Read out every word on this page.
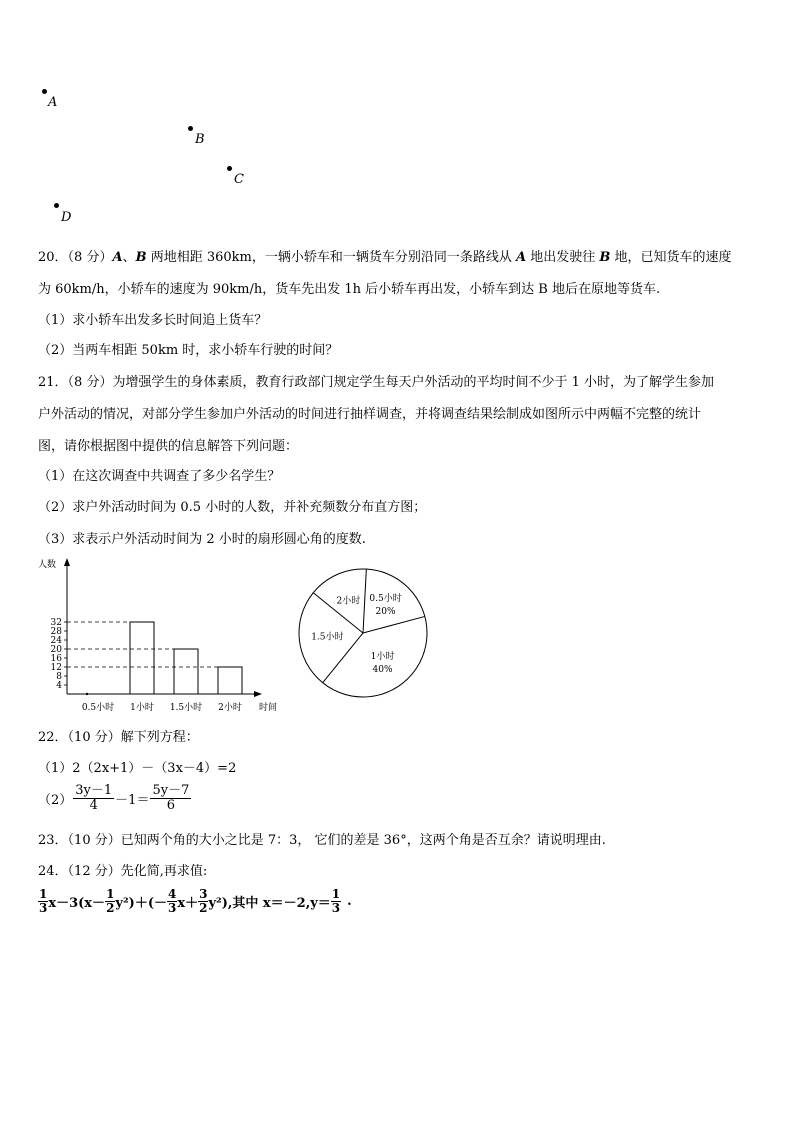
A
B
C
D
20．（8 分）A、B 两地相距 360km，一辆小轿车和一辆货车分别沿同一条路线从 A 地出发驶往 B 地，已知货车的速度
为 60km/h，小轿车的速度为 90km/h，货车先出发 1h 后小轿车再出发，小轿车到达 B 地后在原地等货车.
（1）求小轿车出发多长时间追上货车？
（2）当两车相距 50km 时，求小轿车行驶的时间？
21．（8 分）为增强学生的身体素质，教育行政部门规定学生每天户外活动的平均时间不少于 1 小时，为了解学生参加
户外活动的情况，对部分学生参加户外活动的时间进行抽样调查，并将调查结果绘制成如图所示中两幅不完整的统计
图，请你根据图中提供的信息解答下列问题：
（1）在这次调查中共调查了多少名学生？
（2）求户外活动时间为 0.5 小时的人数，并补充频数分布直方图；
（3）求表示户外活动时间为 2 小时的扇形圆心角的度数.
人数
时间
4
8
12
16
20
24
28
32
0.5小时 1小时 1.5小时 2小时
0.5小时
20%
1小时
40%
1.5小时
2小时
22．（10 分）解下列方程：
（1）2（2x+1）－（3x－4）=2
$(2) \frac{3y-1}{4} -1= \frac{5y-7}{6}$
23．（10 分）已知两个角的大小之比是 7：3， 它们的差是 36°，这两个角是否互余？请说明理由.
24．（12 分）先化简,再求值:
$\frac{1}{3} x-3(x- \frac{1}{2} y^2)+(- \frac{4}{3} x+ \frac{3}{2} y^2)$,其中 $x=-2,y= \frac{1}{3}$ .
